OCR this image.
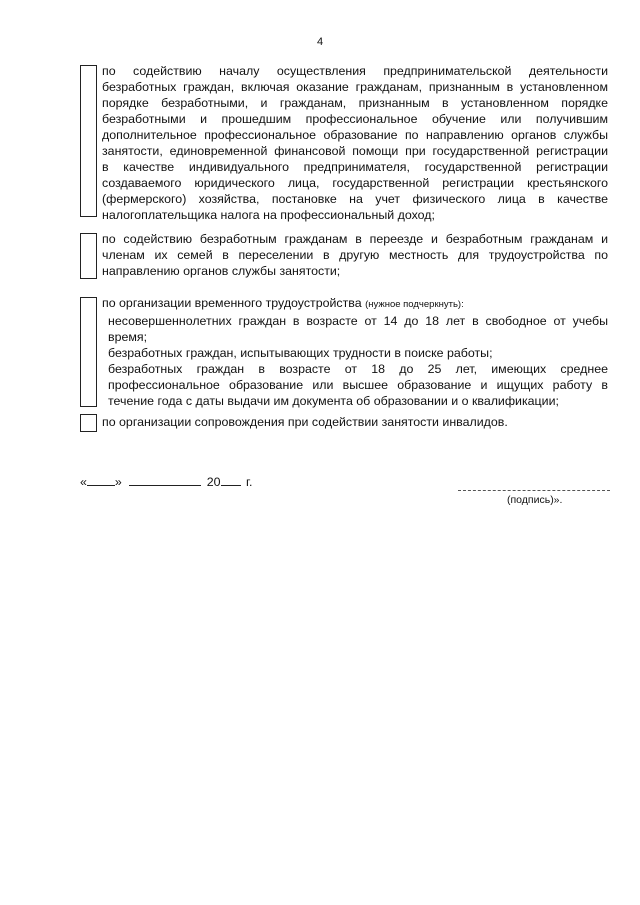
4
по содействию началу осуществления предпринимательской деятельности
безработных граждан, включая оказание гражданам, признанным в установленном
порядке безработными, и гражданам, признанным в установленном порядке
безработными и прошедшим профессиональное обучение или получившим
дополнительное профессиональное образование по направлению органов службы
занятости, единовременной финансовой помощи при государственной регистрации
в качестве индивидуального предпринимателя, государственной регистрации
создаваемого юридического лица, государственной регистрации крестьянского
(фермерского) хозяйства, постановке на учет физического лица в качестве
налогоплательщика налога на профессиональный доход;
по содействию безработным гражданам в переезде и безработным гражданам и
членам их семей в переселении в другую местность для трудоустройства по
направлению органов службы занятости;
по организации временного трудоустройства (нужное подчеркнуть):
несовершеннолетних граждан в возрасте от 14 до 18 лет в свободное от учебы
время;
безработных граждан, испытывающих трудности в поиске работы;
безработных граждан в возрасте от 18 до 25 лет, имеющих среднее
профессиональное образование или высшее образование и ищущих работу в
течение года с даты выдачи им документа об образовании и о квалификации;
по организации сопровождения при содействии занятости инвалидов.
« »	20 г.
(подпись)».
